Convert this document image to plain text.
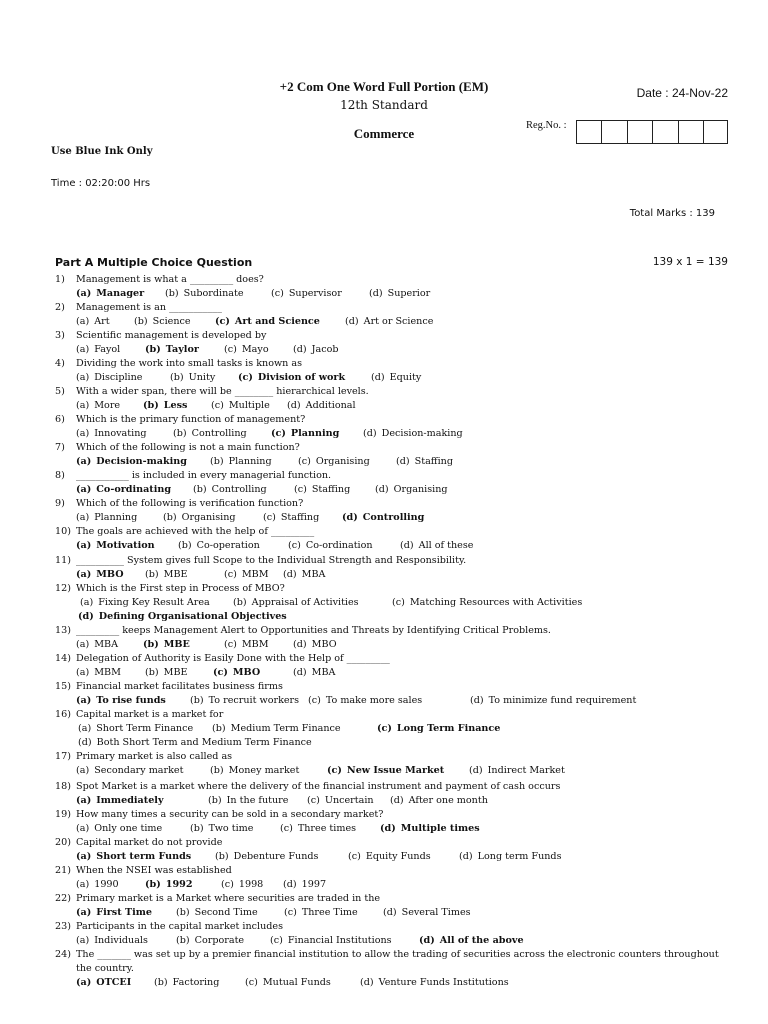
+2 Com One Word Full Portion (EM)
12th Standard
Commerce
Date : 24-Nov-22
Reg.No. :
Use Blue Ink Only
Time : 02:20:00 Hrs
Total Marks : 139
Part A Multiple Choice Question	139 x 1 = 139
1) Management is what a _________ does?
(a) Manager (b) Subordinate	(c) Supervisor	(d) Superior
2) Management is an ___________
(a) Art	(b) Science	(c) Art and Science	(d) Art or Science
3) Scientific management is developed by
(a) Fayol	(b) Taylor	(c) Mayo	(d) Jacob
4) Dividing the work into small tasks is known as
(a) Discipline	(b) Unity (c) Division of work	(d) Equity
5) With a wider span, there will be ________ hierarchical levels.
(a) More (b) Less (c) Multiple (d) Additional
6) Which is the primary function of management?
(a) Innovating	(b) Controlling	(c) Planning (d) Decision-making
7) Which of the following is not a main function?
(a) Decision-making (b) Planning	(c) Organising	(d) Staffing
8) ___________ is included in every managerial function.
(a) Co-ordinating (b) Controlling	(c) Staffing	(d) Organising
9) Which of the following is verification function?
(a) Planning	(b) Organising	(c) Staffing (d) Controlling
10) The goals are achieved with the help of _________
(a) Motivation (b) Co-operation	(c) Co-ordination	(d) All of these
11) __________ System gives full Scope to the Individual Strength and Responsibility.
(a) MBO (b) MBE	(c) MBM (d) MBA
12) Which is the First step in Process of MBO?
(a) Fixing Key Result Area (b) Appraisal of Activities	(c) Matching Resources with Activities
(d) Defining Organisational Objectives
13) _________ keeps Management Alert to Opportunities and Threats by Identifying Critical Problems.
(a) MBA	(b) MBE	(c) MBM	(d) MBO
14) Delegation of Authority is Easily Done with the Help of _________
(a) MBM	(b) MBE	(c) MBO	(d) MBA
15) Financial market facilitates business firms
(a) To rise funds	(b) To recruit workers (c) To make more sales	(d) To minimize fund requirement
16) Capital market is a market for
(a) Short Term Finance (b) Medium Term Finance	(c) Long Term Finance
(d) Both Short Term and Medium Term Finance
17) Primary market is also called as
(a) Secondary market	(b) Money market	(c) New Issue Market	(d) Indirect Market
18) Spot Market is a market where the delivery of the financial instrument and payment of cash occurs
(a) Immediately	(b) In the future (c) Uncertain (d) After one month
19) How many times a security can be sold in a secondary market?
(a) Only one time	(b) Two time	(c) Three times (d) Multiple times
20) Capital market do not provide
(a) Short term Funds (b) Debenture Funds	(c) Equity Funds	(d) Long term Funds
21) When the NSEI was established
(a) 1990	(b) 1992	(c) 1998 (d) 1997
22) Primary market is a Market where securities are traded in the
(a) First Time (b) Second Time	(c) Three Time	(d) Several Times
23) Participants in the capital market includes
(a) Individuals	(b) Corporate	(c) Financial Institutions	(d) All of the above
24) The _______ was set up by a premier financial institution to allow the trading of securities across the electronic counters throughout the country.
(a) OTCEI (b) Factoring	(c) Mutual Funds	(d) Venture Funds Institutions
